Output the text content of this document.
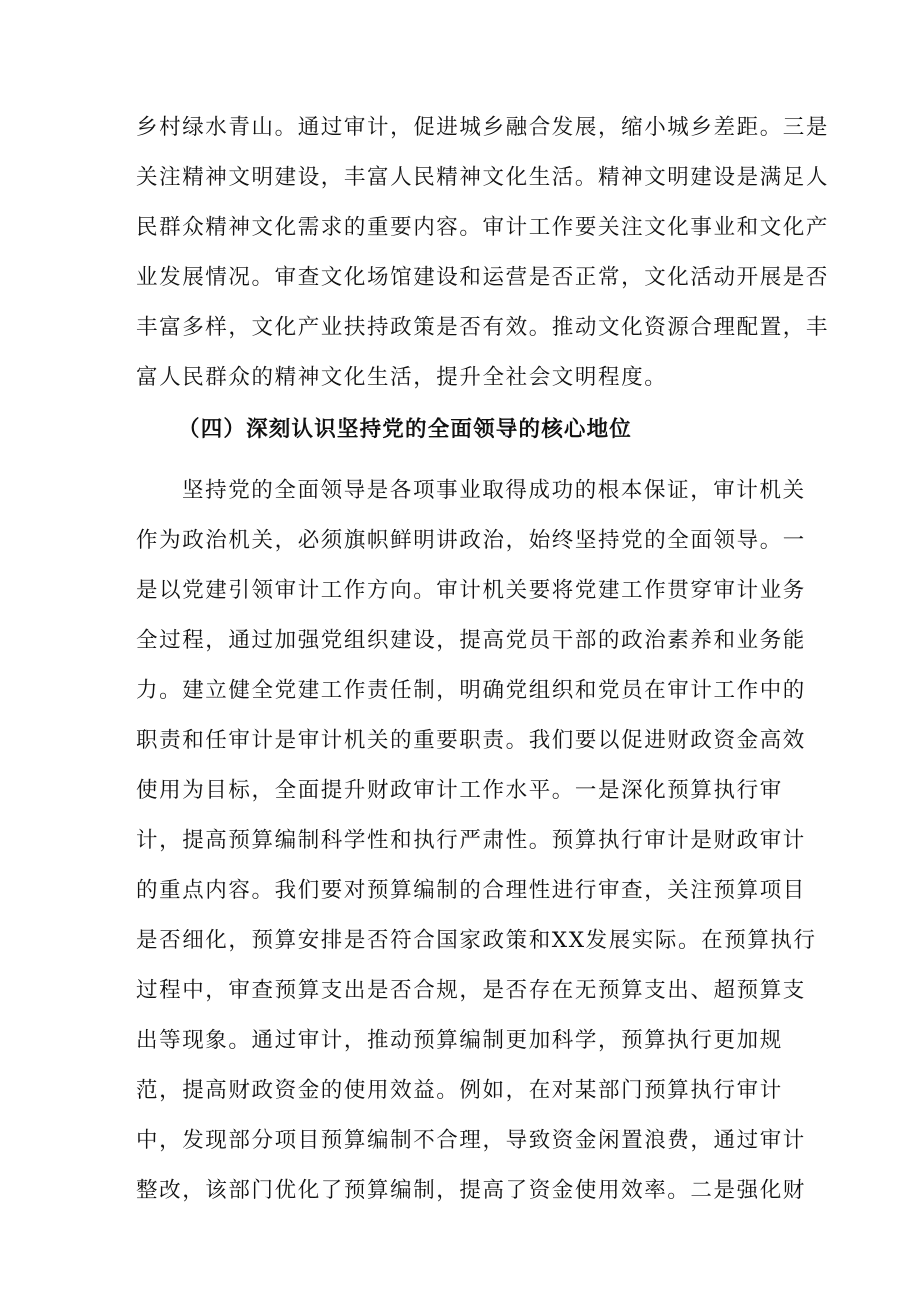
乡村绿水青山。通过审计，促进城乡融合发展，缩小城乡差距。三是
关注精神文明建设，丰富人民精神文化生活。精神文明建设是满足人
民群众精神文化需求的重要内容。审计工作要关注文化事业和文化产
业发展情况。审查文化场馆建设和运营是否正常，文化活动开展是否
丰富多样，文化产业扶持政策是否有效。推动文化资源合理配置，丰
富人民群众的精神文化生活，提升全社会文明程度。
（四）深刻认识坚持党的全面领导的核心地位
坚持党的全面领导是各项事业取得成功的根本保证，审计机关
作为政治机关，必须旗帜鲜明讲政治，始终坚持党的全面领导。一
是以党建引领审计工作方向。审计机关要将党建工作贯穿审计业务
全过程，通过加强党组织建设，提高党员干部的政治素养和业务能
力。建立健全党建工作责任制，明确党组织和党员在审计工作中的
职责和任审计是审计机关的重要职责。我们要以促进财政资金高效
使用为目标，全面提升财政审计工作水平。一是深化预算执行审
计，提高预算编制科学性和执行严肃性。预算执行审计是财政审计
的重点内容。我们要对预算编制的合理性进行审查，关注预算项目
是否细化，预算安排是否符合国家政策和XX发展实际。在预算执行
过程中，审查预算支出是否合规，是否存在无预算支出、超预算支
出等现象。通过审计，推动预算编制更加科学，预算执行更加规
范，提高财政资金的使用效益。例如，在对某部门预算执行审计
中，发现部分项目预算编制不合理，导致资金闲置浪费，通过审计
整改，该部门优化了预算编制，提高了资金使用效率。二是强化财
